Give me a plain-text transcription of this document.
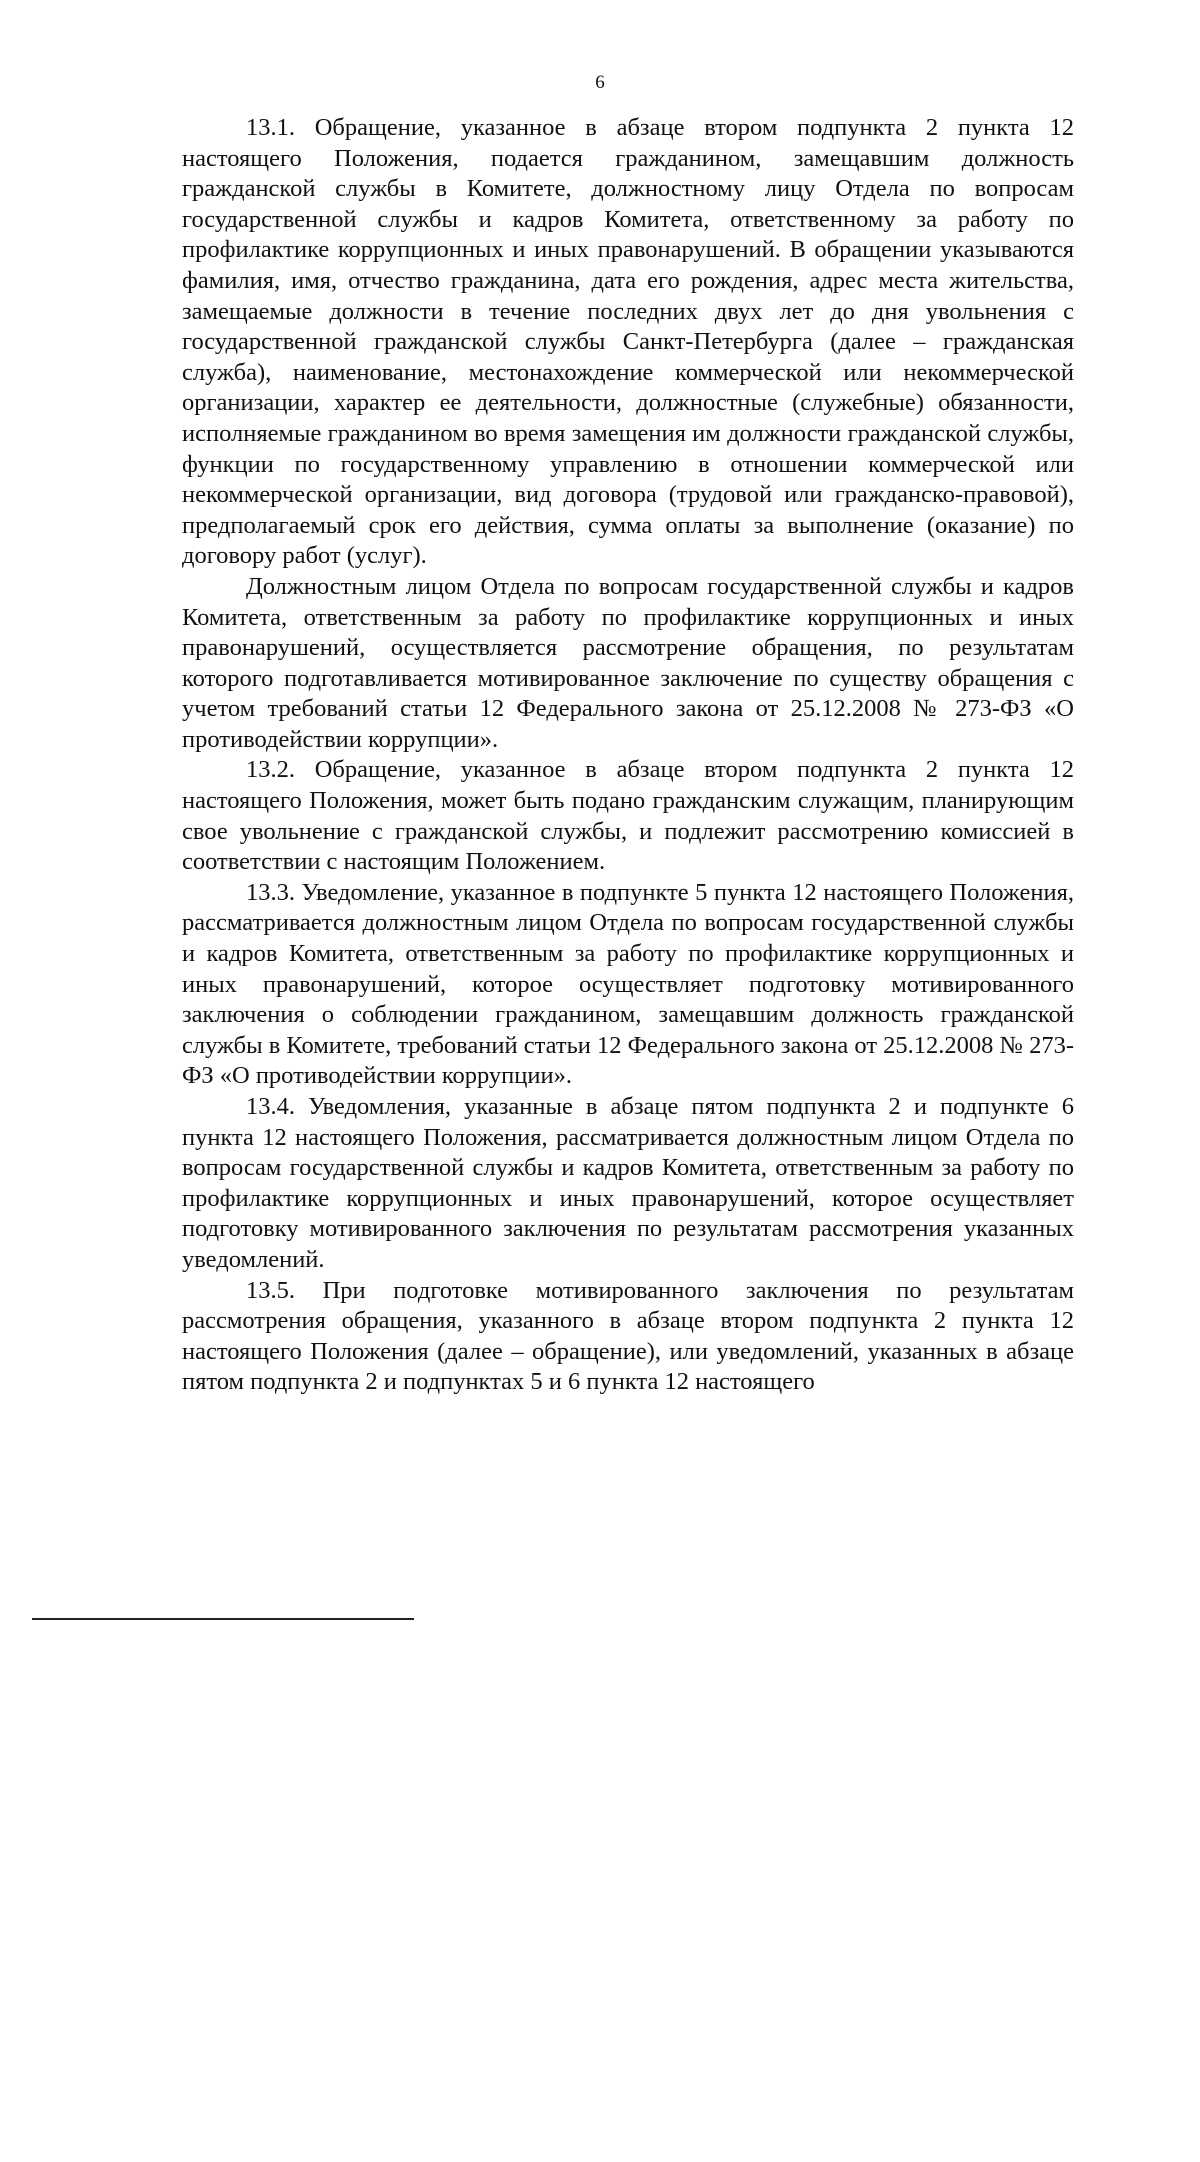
6

13.1. Обращение, указанное в абзаце втором подпункта 2 пункта 12 настоящего Положения, подается гражданином, замещавшим должность гражданской службы в Комитете, должностному лицу Отдела по вопросам государственной службы и кадров Комитета, ответственному за работу по профилактике коррупционных и иных правонарушений. В обращении указываются фамилия, имя, отчество гражданина, дата его рождения, адрес места жительства, замещаемые должности в течение последних двух лет до дня увольнения с государственной гражданской службы Санкт-Петербурга (далее – гражданская служба), наименование, местонахождение коммерческой или некоммерческой организации, характер ее деятельности, должностные (служебные) обязанности, исполняемые гражданином во время замещения им должности гражданской службы, функции по государственному управлению в отношении коммерческой или некоммерческой организации, вид договора (трудовой или гражданско-правовой), предполагаемый срок его действия, сумма оплаты за выполнение (оказание) по договору работ (услуг).

Должностным лицом Отдела по вопросам государственной службы и кадров Комитета, ответственным за работу по профилактике коррупционных и иных правонарушений, осуществляется рассмотрение обращения, по результатам которого подготавливается мотивированное заключение по существу обращения с учетом требований статьи 12 Федерального закона от 25.12.2008 № 273-ФЗ «О противодействии коррупции».

13.2. Обращение, указанное в абзаце втором подпункта 2 пункта 12 настоящего Положения, может быть подано гражданским служащим, планирующим свое увольнение с гражданской службы, и подлежит рассмотрению комиссией в соответствии с настоящим Положением.

13.3. Уведомление, указанное в подпункте 5 пункта 12 настоящего Положения, рассматривается должностным лицом Отдела по вопросам государственной службы и кадров Комитета, ответственным за работу по профилактике коррупционных и иных правонарушений, которое осуществляет подготовку мотивированного заключения о соблюдении гражданином, замещавшим должность гражданской службы в Комитете, требований статьи 12 Федерального закона от 25.12.2008 № 273-ФЗ «О противодействии коррупции».

13.4. Уведомления, указанные в абзаце пятом подпункта 2 и подпункте 6 пункта 12 настоящего Положения, рассматривается должностным лицом Отдела по вопросам государственной службы и кадров Комитета, ответственным за работу по профилактике коррупционных и иных правонарушений, которое осуществляет подготовку мотивированного заключения по результатам рассмотрения указанных уведомлений.

13.5. При подготовке мотивированного заключения по результатам рассмотрения обращения, указанного в абзаце втором подпункта 2 пункта 12 настоящего Положения (далее – обращение), или уведомлений, указанных в абзаце пятом подпункта 2 и подпунктах 5 и 6 пункта 12 настоящего
